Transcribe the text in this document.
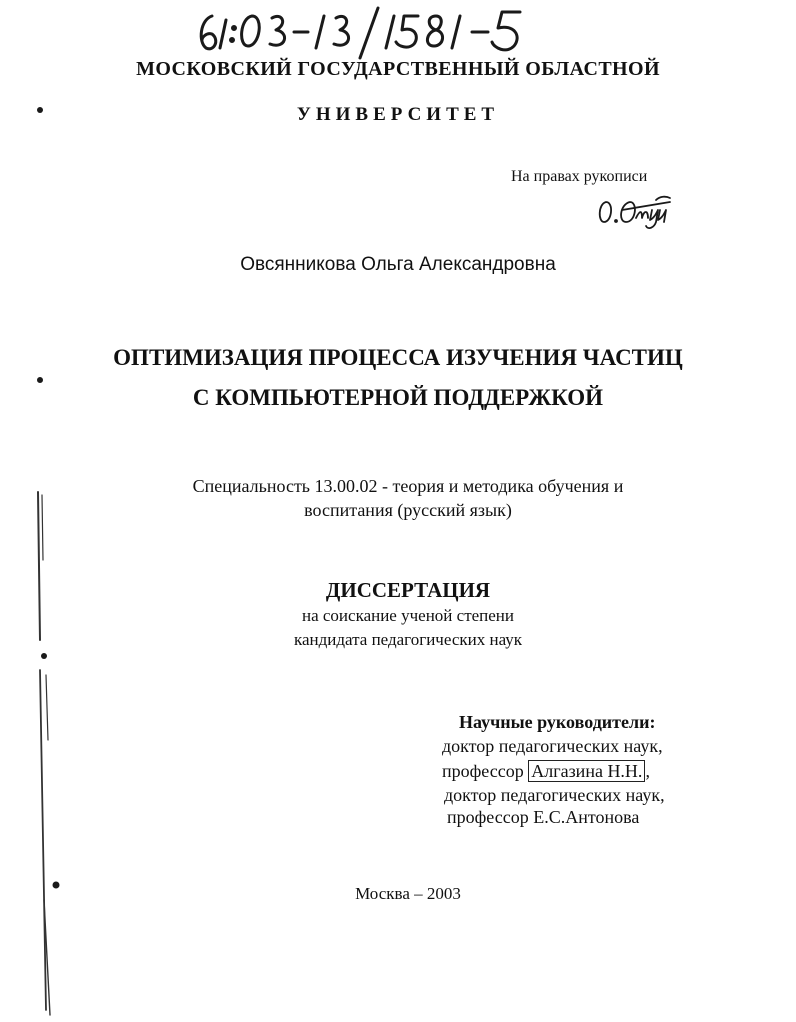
МОСКОВСКИЙ ГОСУДАРСТВЕННЫЙ ОБЛАСТНОЙ
УНИВЕРСИТЕТ
На правах рукописи
Овсянникова Ольга Александровна
ОПТИМИЗАЦИЯ ПРОЦЕССА ИЗУЧЕНИЯ ЧАСТИЦ
С КОМПЬЮТЕРНОЙ ПОДДЕРЖКОЙ
Специальность 13.00.02 - теория и методика обучения и
воспитания (русский язык)
ДИССЕРТАЦИЯ
на соискание ученой степени
кандидата педагогических наук
Научные руководители:
доктор педагогических наук,
профессор Алгазина Н.Н. ,
доктор педагогических наук,
профессор Е.С.Антонова
Москва – 2003
